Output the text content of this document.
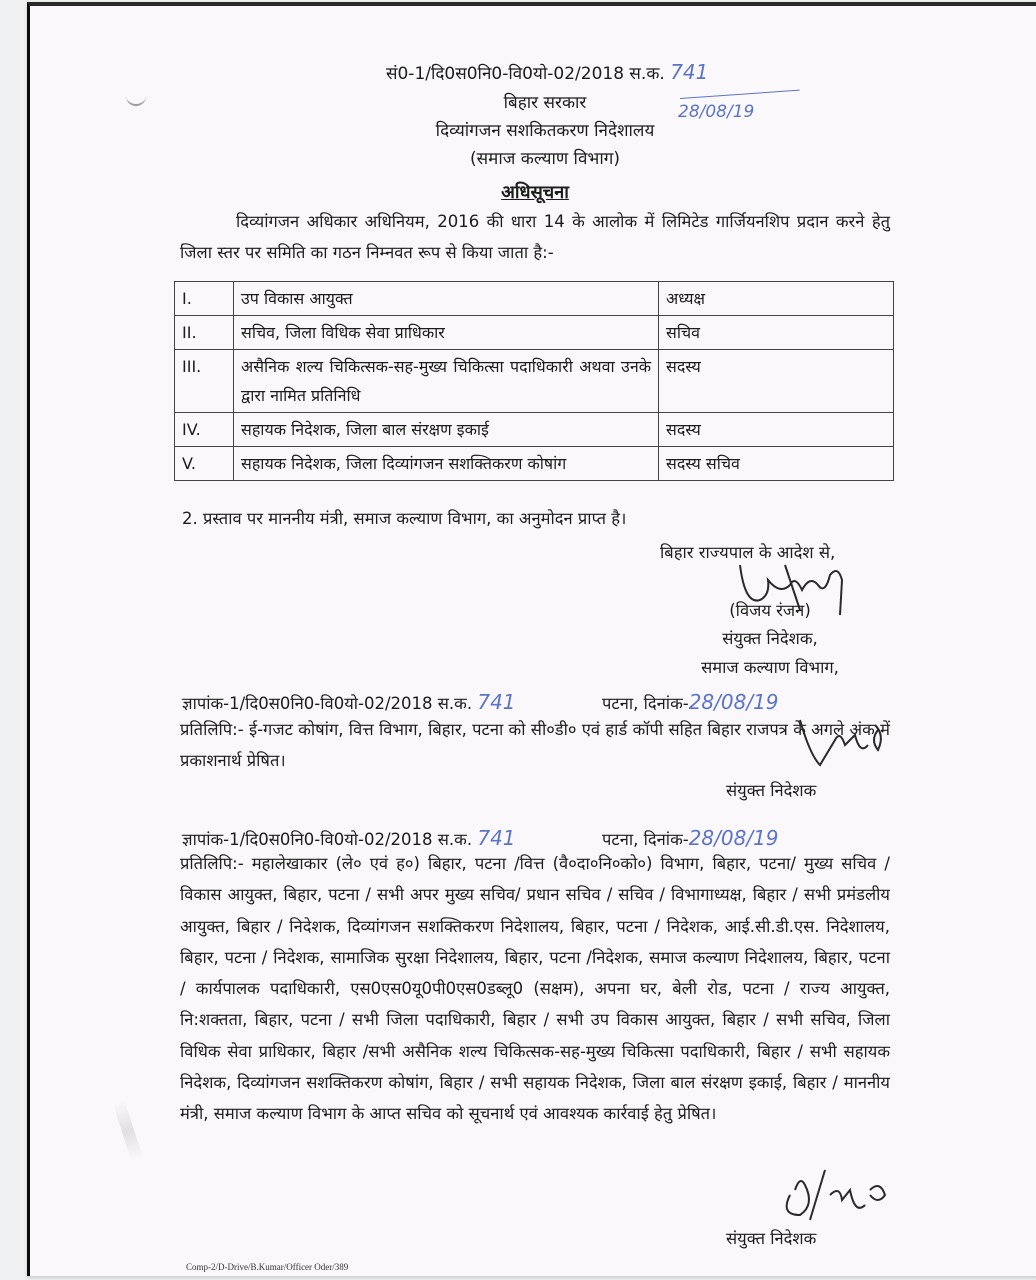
सं0-1/दि0स0नि0-वि0यो-02/2018 स.क. 741
बिहार सरकार	28/08/19
दिव्यांगजन सशकितकरण निदेशालय
(समाज कल्याण विभाग)
अधिसूचना
दिव्यांगजन अधिकार अधिनियम, 2016 की धारा 14 के आलोक में लिमिटेड गार्जियनशिप प्रदान करने हेतु जिला स्तर पर समिति का गठन निम्नवत रूप से किया जाता है:-
I.	उप विकास आयुक्त	अध्यक्ष
II.	सचिव, जिला विधिक सेवा प्राधिकार	सचिव
III.	असैनिक शल्य चिकित्सक-सह-मुख्य चिकित्सा पदाधिकारी अथवा उनके द्वारा नामित प्रतिनिधि	सदस्य
IV.	सहायक निदेशक, जिला बाल संरक्षण इकाई	सदस्य
V.	सहायक निदेशक, जिला दिव्यांगजन सशक्तिकरण कोषांग	सदस्य सचिव
2. प्रस्ताव पर माननीय मंत्री, समाज कल्याण विभाग, का अनुमोदन प्राप्त है।
बिहार राज्यपाल के आदेश से,
(विजय रंजन)
संयुक्त निदेशक,
समाज कल्याण विभाग,
ज्ञापांक-1/दि0स0नि0-वि0यो-02/2018 स.क. 741	पटना, दिनांक-28/08/19
प्रतिलिपि:- ई-गजट कोषांग, वित्त विभाग, बिहार, पटना को सी०डी० एवं हार्ड कॉपी सहित बिहार राजपत्र के अगले अंक में प्रकाशनार्थ प्रेषित।
संयुक्त निदेशक
ज्ञापांक-1/दि0स0नि0-वि0यो-02/2018 स.क. 741	पटना, दिनांक-28/08/19
प्रतिलिपि:- महालेखाकार (ले० एवं ह०) बिहार, पटना /वित्त (वै०दा०नि०को०) विभाग, बिहार, पटना/ मुख्य सचिव / विकास आयुक्त, बिहार, पटना / सभी अपर मुख्य सचिव/ प्रधान सचिव / सचिव / विभागाध्यक्ष, बिहार / सभी प्रमंडलीय आयुक्त, बिहार / निदेशक, दिव्यांगजन सशक्तिकरण निदेशालय, बिहार, पटना / निदेशक, आई.सी.डी.एस. निदेशालय, बिहार, पटना / निदेशक, सामाजिक सुरक्षा निदेशालय, बिहार, पटना /निदेशक, समाज कल्याण निदेशालय, बिहार, पटना / कार्यपालक पदाधिकारी, एस0एस0यू0पी0एस0डब्लू0 (सक्षम), अपना घर, बेली रोड, पटना / राज्य आयुक्त, नि:शक्तता, बिहार, पटना / सभी जिला पदाधिकारी, बिहार / सभी उप विकास आयुक्त, बिहार / सभी सचिव, जिला विधिक सेवा प्राधिकार, बिहार /सभी असैनिक शल्य चिकित्सक-सह-मुख्य चिकित्सा पदाधिकारी, बिहार / सभी सहायक निदेशक, दिव्यांगजन सशक्तिकरण कोषांग, बिहार / सभी सहायक निदेशक, जिला बाल संरक्षण इकाई, बिहार / माननीय मंत्री, समाज कल्याण विभाग के आप्त सचिव को सूचनार्थ एवं आवश्यक कार्रवाई हेतु प्रेषित।
संयुक्त निदेशक
Comp-2/D-Drive/B.Kumar/Officer Oder/389
